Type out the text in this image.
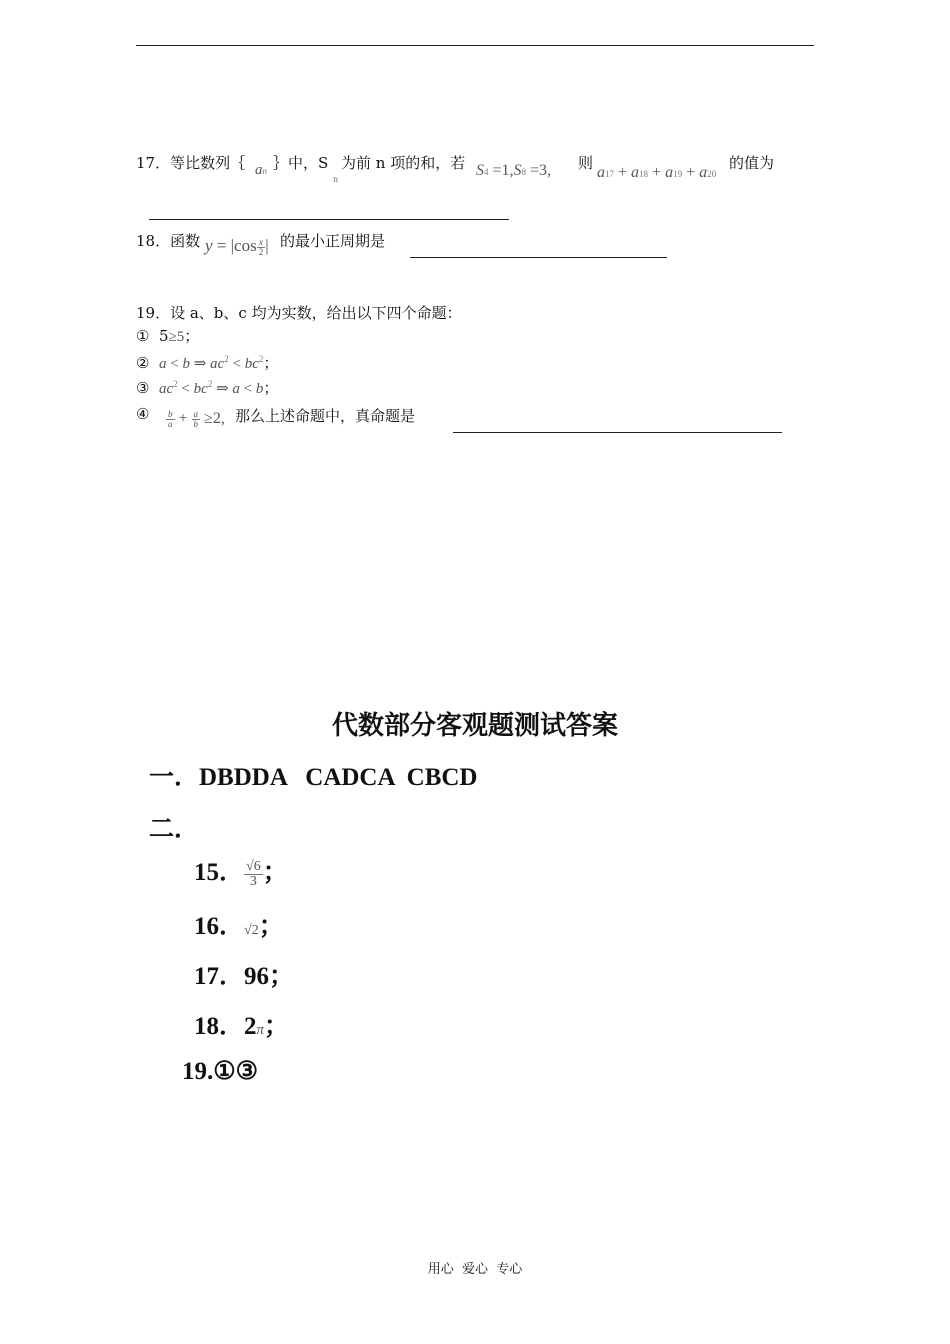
17．等比数列｛ an ｝中，S
n
为前 n 项的和，若 S4 =1,S8 =3, 则
a17 + a18 + a19 + a20
的值为
18．函数 $y = |\cos \frac{x}{2}$ | 的最小正周期是
19．设 a、b、c 均为实数，给出以下四个命题：
① 5≥5；
② a < b ⇒ $ac^2 < bc^2$；
③ $ac^2 < bc^2$ ⇒ a < b；
④ $\frac{b}{a} + \frac{a}{b} \ge 2$, 那么上述命题中，真命题是
代数部分客观题测试答案
一．DBDDA   CADCA  CBCD
二．
15． $\frac{√6}{3}$ ；
16．√2；
17．96；
18．2π；
19.①③
用心  爱心  专心
